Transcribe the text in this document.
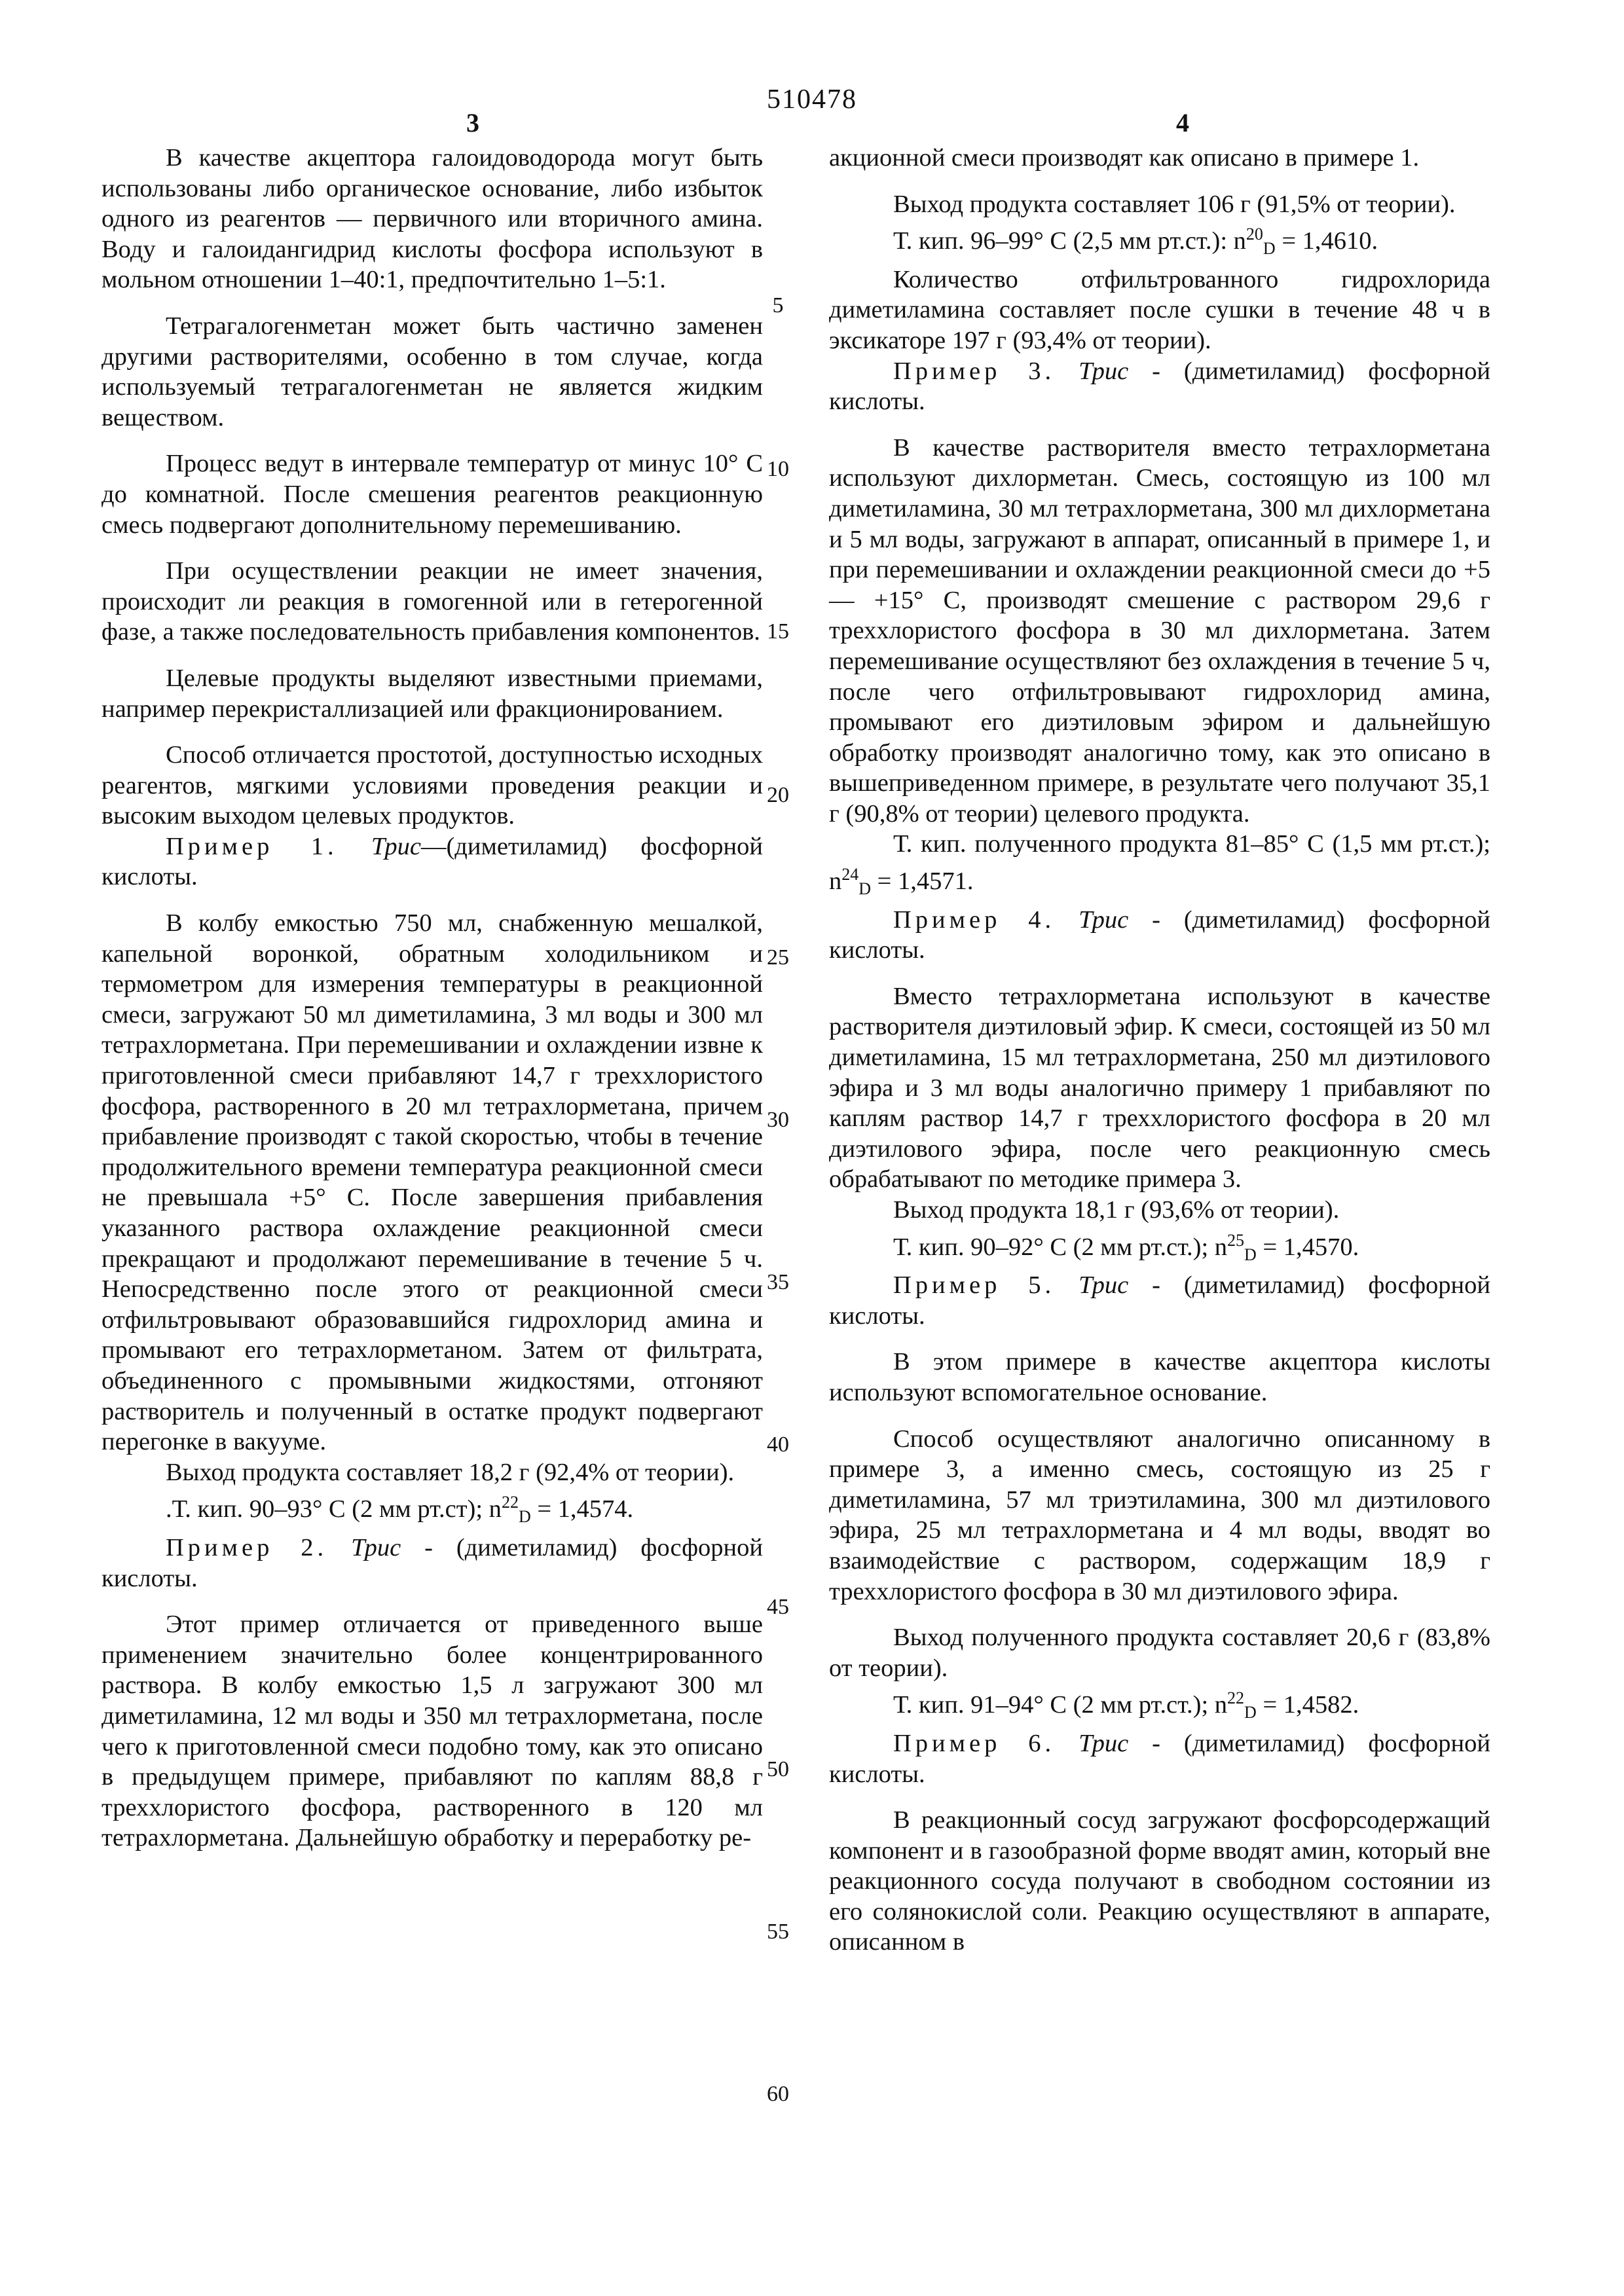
510478
3	4
5
10
15
20
25
30
35
40
45
50
55
60

В качестве акцептора галоидоводорода могут быть использованы либо органическое основание, либо избыток одного из реагентов — первичного или вторичного амина. Воду и галоидангидрид кислоты фосфора используют в мольном отношении 1–40:1, предпочтительно 1–5:1.

Тетрагалогенметан может быть частично заменен другими растворителями, особенно в том случае, когда используемый тетрагалогенметан не является жидким веществом.

Процесс ведут в интервале температур от минус 10° С до комнатной. После смешения реагентов реакционную смесь подвергают дополнительному перемешиванию.

При осуществлении реакции не имеет значения, происходит ли реакция в гомогенной или в гетерогенной фазе, а также последовательность прибавления компонентов.

Целевые продукты выделяют известными приемами, например перекристаллизацией или фракционированием.

Способ отличается простотой, доступностью исходных реагентов, мягкими условиями проведения реакции и высоким выходом целевых продуктов.

Пример 1. Трис—(диметиламид) фосфорной кислоты.

В колбу емкостью 750 мл, снабженную мешалкой, капельной воронкой, обратным холодильником и термометром для измерения температуры в реакционной смеси, загружают 50 мл диметиламина, 3 мл воды и 300 мл тетрахлорметана. При перемешивании и охлаждении извне к приготовленной смеси прибавляют 14,7 г треххлористого фосфора, растворенного в 20 мл тетрахлорметана, причем прибавление производят с такой скоростью, чтобы в течение продолжительного времени температура реакционной смеси не превышала +5° С. После завершения прибавления указанного раствора охлаждение реакционной смеси прекращают и продолжают перемешивание в течение 5 ч. Непосредственно после этого от реакционной смеси отфильтровывают образовавшийся гидрохлорид амина и промывают его тетрахлорметаном. Затем от фильтрата, объединенного с промывными жидкостями, отгоняют растворитель и полученный в остатке продукт подвергают перегонке в вакууме.

Выход продукта составляет 18,2 г (92,4% от теории).

.Т. кип. 90–93° С (2 мм рт.ст); $n^{22}_D = 1,4574$.

Пример 2. Трис - (диметиламид) фосфорной кислоты.

Этот пример отличается от приведенного выше применением значительно более концентрированного раствора. В колбу емкостью 1,5 л загружают 300 мл диметиламина, 12 мл воды и 350 мл тетрахлорметана, после чего к приготовленной смеси подобно тому, как это описано в предыдущем примере, прибавляют по каплям 88,8 г треххлористого фосфора, растворенного в 120 мл тетрахлорметана. Дальнейшую обработку и переработку ре-

акционной смеси производят как описано в примере 1.

Выход продукта составляет 106 г (91,5% от теории).

Т. кип. 96–99° С (2,5 мм рт.ст.): $n^{20}_D = 1,4610$.

Количество отфильтрованного гидрохлорида диметиламина составляет после сушки в течение 48 ч в эксикаторе 197 г (93,4% от теории).

Пример 3. Трис - (диметиламид) фосфорной кислоты.

В качестве растворителя вместо тетрахлорметана используют дихлорметан. Смесь, состоящую из 100 мл диметиламина, 30 мл тетрахлорметана, 300 мл дихлорметана и 5 мл воды, загружают в аппарат, описанный в примере 1, и при перемешивании и охлаждении реакционной смеси до +5 — +15° С, производят смешение с раствором 29,6 г треххлористого фосфора в 30 мл дихлорметана. Затем перемешивание осуществляют без охлаждения в течение 5 ч, после чего отфильтровывают гидрохлорид амина, промывают его диэтиловым эфиром и дальнейшую обработку производят аналогично тому, как это описано в вышеприведенном примере, в результате чего получают 35,1 г (90,8% от теории) целевого продукта.

Т. кип. полученного продукта 81–85° С (1,5 мм рт.ст.); $n^{24}_D = 1,4571$.

Пример 4. Трис - (диметиламид) фосфорной кислоты.

Вместо тетрахлорметана используют в качестве растворителя диэтиловый эфир. К смеси, состоящей из 50 мл диметиламина, 15 мл тетрахлорметана, 250 мл диэтилового эфира и 3 мл воды аналогично примеру 1 прибавляют по каплям раствор 14,7 г треххлористого фосфора в 20 мл диэтилового эфира, после чего реакционную смесь обрабатывают по методике примера 3.

Выход продукта 18,1 г (93,6% от теории).

Т. кип. 90–92° С (2 мм рт.ст.); $n^{25}_D = 1,4570$.

Пример 5. Трис - (диметиламид) фосфорной кислоты.

В этом примере в качестве акцептора кислоты используют вспомогательное основание.

Способ осуществляют аналогично описанному в примере 3, а именно смесь, состоящую из 25 г диметиламина, 57 мл триэтиламина, 300 мл диэтилового эфира, 25 мл тетрахлорметана и 4 мл воды, вводят во взаимодействие с раствором, содержащим 18,9 г треххлористого фосфора в 30 мл диэтилового эфира.

Выход полученного продукта составляет 20,6 г (83,8% от теории).

Т. кип. 91–94° С (2 мм рт.ст.); $n^{22}_D = 1,4582$.

Пример 6. Трис - (диметиламид) фосфорной кислоты.

В реакционный сосуд загружают фосфорсодержащий компонент и в газообразной форме вводят амин, который вне реакционного сосуда получают в свободном состоянии из его солянокислой соли. Реакцию осуществляют в аппарате, описанном в
